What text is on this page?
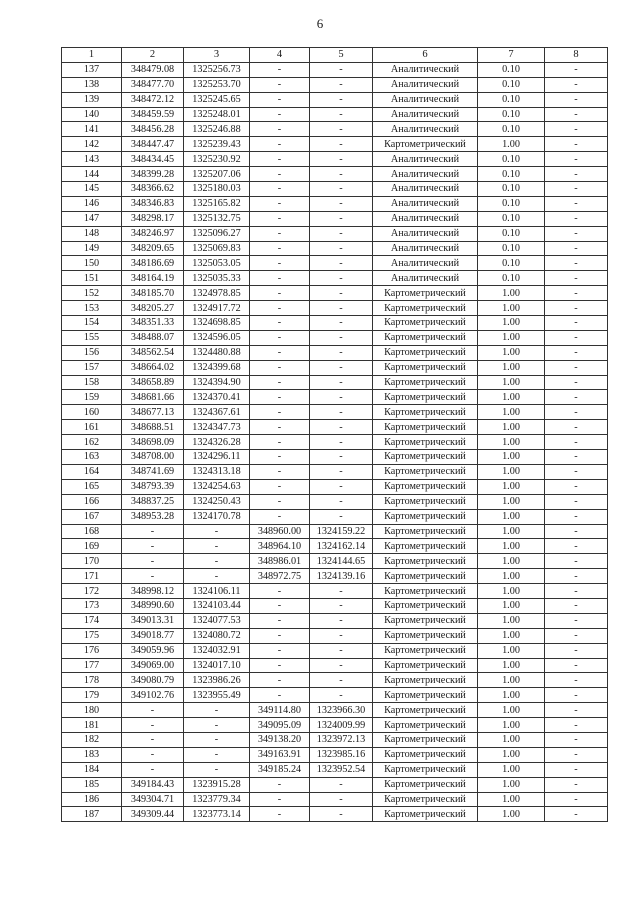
6
1	2	3	4	5	6	7	8
137	348479.08	1325256.73	-	-	Аналитический	0.10	-
138	348477.70	1325253.70	-	-	Аналитический	0.10	-
139	348472.12	1325245.65	-	-	Аналитический	0.10	-
140	348459.59	1325248.01	-	-	Аналитический	0.10	-
141	348456.28	1325246.88	-	-	Аналитический	0.10	-
142	348447.47	1325239.43	-	-	Картометрический	1.00	-
143	348434.45	1325230.92	-	-	Аналитический	0.10	-
144	348399.28	1325207.06	-	-	Аналитический	0.10	-
145	348366.62	1325180.03	-	-	Аналитический	0.10	-
146	348346.83	1325165.82	-	-	Аналитический	0.10	-
147	348298.17	1325132.75	-	-	Аналитический	0.10	-
148	348246.97	1325096.27	-	-	Аналитический	0.10	-
149	348209.65	1325069.83	-	-	Аналитический	0.10	-
150	348186.69	1325053.05	-	-	Аналитический	0.10	-
151	348164.19	1325035.33	-	-	Аналитический	0.10	-
152	348185.70	1324978.85	-	-	Картометрический	1.00	-
153	348205.27	1324917.72	-	-	Картометрический	1.00	-
154	348351.33	1324698.85	-	-	Картометрический	1.00	-
155	348488.07	1324596.05	-	-	Картометрический	1.00	-
156	348562.54	1324480.88	-	-	Картометрический	1.00	-
157	348664.02	1324399.68	-	-	Картометрический	1.00	-
158	348658.89	1324394.90	-	-	Картометрический	1.00	-
159	348681.66	1324370.41	-	-	Картометрический	1.00	-
160	348677.13	1324367.61	-	-	Картометрический	1.00	-
161	348688.51	1324347.73	-	-	Картометрический	1.00	-
162	348698.09	1324326.28	-	-	Картометрический	1.00	-
163	348708.00	1324296.11	-	-	Картометрический	1.00	-
164	348741.69	1324313.18	-	-	Картометрический	1.00	-
165	348793.39	1324254.63	-	-	Картометрический	1.00	-
166	348837.25	1324250.43	-	-	Картометрический	1.00	-
167	348953.28	1324170.78	-	-	Картометрический	1.00	-
168	-	-	348960.00	1324159.22	Картометрический	1.00	-
169	-	-	348964.10	1324162.14	Картометрический	1.00	-
170	-	-	348986.01	1324144.65	Картометрический	1.00	-
171	-	-	348972.75	1324139.16	Картометрический	1.00	-
172	348998.12	1324106.11	-	-	Картометрический	1.00	-
173	348990.60	1324103.44	-	-	Картометрический	1.00	-
174	349013.31	1324077.53	-	-	Картометрический	1.00	-
175	349018.77	1324080.72	-	-	Картометрический	1.00	-
176	349059.96	1324032.91	-	-	Картометрический	1.00	-
177	349069.00	1324017.10	-	-	Картометрический	1.00	-
178	349080.79	1323986.26	-	-	Картометрический	1.00	-
179	349102.76	1323955.49	-	-	Картометрический	1.00	-
180	-	-	349114.80	1323966.30	Картометрический	1.00	-
181	-	-	349095.09	1324009.99	Картометрический	1.00	-
182	-	-	349138.20	1323972.13	Картометрический	1.00	-
183	-	-	349163.91	1323985.16	Картометрический	1.00	-
184	-	-	349185.24	1323952.54	Картометрический	1.00	-
185	349184.43	1323915.28	-	-	Картометрический	1.00	-
186	349304.71	1323779.34	-	-	Картометрический	1.00	-
187	349309.44	1323773.14	-	-	Картометрический	1.00	-
